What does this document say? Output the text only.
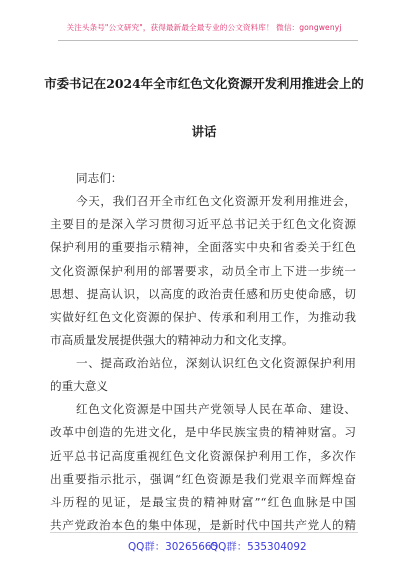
关注头条号"公文研究"，获得最新最全最专业的公文资料库！ 微信：gongwenyj
市委书记在2024年全市红色文化资源开发利用推进会上的
讲话
同志们：
今天，我们召开全市红色文化资源开发利用推进会，
主要目的是深入学习贯彻习近平总书记关于红色文化资源
保护利用的重要指示精神，全面落实中央和省委关于红色
文化资源保护利用的部署要求，动员全市上下进一步统一
思想、提高认识，以高度的政治责任感和历史使命感，切
实做好红色文化资源的保护、传承和利用工作，为推动我
市高质量发展提供强大的精神动力和文化支撑。
一、提高政治站位，深刻认识红色文化资源保护利用
的重大意义
红色文化资源是中国共产党领导人民在革命、建设、
改革中创造的先进文化，是中华民族宝贵的精神财富。习
近平总书记高度重视红色文化资源保护利用工作，多次作
出重要指示批示，强调“红色资源是我们党艰辛而辉煌奋
斗历程的见证，是最宝贵的精神财富”“红色血脉是中国
共产党政治本色的集中体现，是新时代中国共产党人的精
QQ群：30265665
QQ群：535304092
